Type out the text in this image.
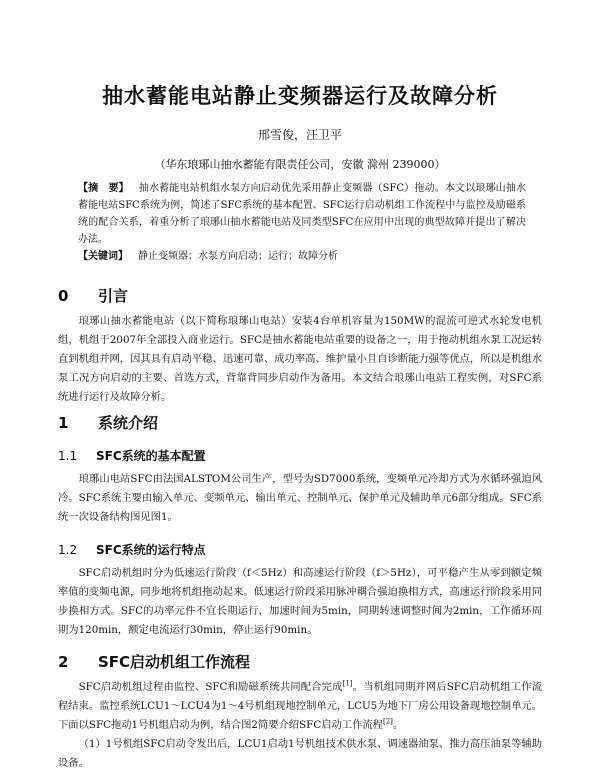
抽水蓄能电站静止变频器运行及故障分析
邢雪俊，汪卫平
（华东琅琊山抽水蓄能有限责任公司，安徽 滁州 239000）
【摘　要】 抽水蓄能电站机组水泵方向启动优先采用静止变频器（SFC）拖动。本文以琅琊山抽水蓄能电站SFC系统为例，简述了SFC系统的基本配置、SFC运行启动机组工作流程中与监控及励磁系统的配合关系，着重分析了琅琊山抽水蓄能电站及同类型SFC在应用中出现的典型故障并提出了解决办法。
【关键词】 静止变频器；水泵方向启动；运行；故障分析
0 引言
琅琊山抽水蓄能电站（以下简称琅琊山电站）安装4台单机容量为150MW的混流可逆式水轮发电机组，机组于2007年全部投入商业运行。SFC是抽水蓄能电站重要的设备之一，用于拖动机组水泵工况运转直到机组并网，因其具有启动平稳、迅速可靠、成功率高、维护量小且自诊断能力强等优点，所以是机组水泵工况方向启动的主要、首选方式，背靠背同步启动作为备用。本文结合琅琊山电站工程实例，对SFC系统进行运行及故障分析。
1 系统介绍
1.1 SFC系统的基本配置
琅琊山电站SFC由法国ALSTOM公司生产，型号为SD7000系统，变频单元冷却方式为水循环强迫风冷。SFC系统主要由输入单元、变频单元、输出单元、控制单元、保护单元及辅助单元6部分组成。SFC系统一次设备结构图见图1。
1.2 SFC系统的运行特点
SFC启动机组时分为低速运行阶段（f＜5Hz）和高速运行阶段（f＞5Hz），可平稳产生从零到额定频率值的变频电源，同步地将机组拖动起来。低速运行阶段采用脉冲耦合强迫换相方式，高速运行阶段采用同步换相方式。SFC的功率元件不宜长期运行，加速时间为5min，同期转速调整时间为2min，工作循环周期为120min，额定电流运行30min，停止运行90min。
2 SFC启动机组工作流程
SFC启动机组过程由监控、SFC和励磁系统共同配合完成[1]。当机组同期并网后SFC启动机组工作流程结束。监控系统LCU1～LCU4为1～4号机组现地控制单元，LCU5为地下厂房公用设备现地控制单元。下面以SFC拖动1号机组启动为例，结合图2简要介绍SFC启动工作流程[2]。
（1）1号机组SFC启动令发出后，LCU1启动1号机组技术供水泵、调速器油泵、推力高压油泵等辅助设备。
